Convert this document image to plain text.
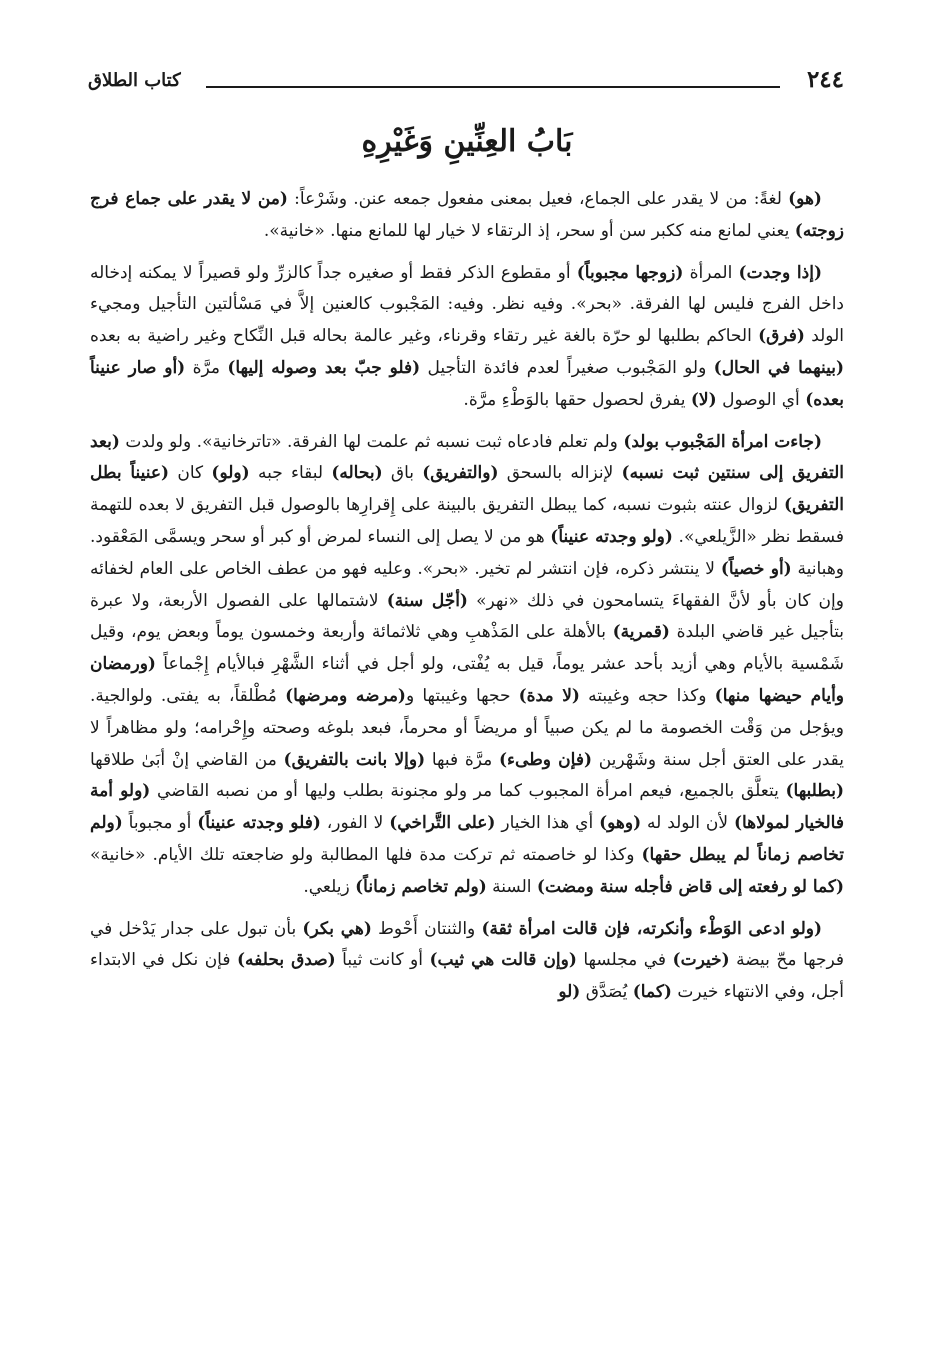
٢٤٤
كتاب الطلاق
بَابُ العِنِّينِ وَغَيْرِهِ

(هو) لغةً: من لا يقدر على الجماع، فعيل بمعنى مفعول جمعه عنن. وشَرْعاً: (من لا يقدر على جماع فرج زوجته) يعني لمانع منه ككبر سن أو سحر، إذ الرتقاء لا خيار لها للمانع منها. «خانية».

(إذا وجدت) المرأة (زوجها مجبوباً) أو مقطوع الذكر فقط أو صغيره جداً كالزرِّ ولو قصيراً لا يمكنه إدخاله داخل الفرج فليس لها الفرقة. «بحر». وفيه نظر. وفيه: المَجْبوب كالعنين إلاَّ في مَسْألتين التأجيل ومجيء الولد (فرق) الحاكم بطلبها لو حرّة بالغة غير رتقاء وقرناء، وغير عالمة بحاله قبل النِّكاح وغير راضية به بعده (بينهما في الحال) ولو المَجْبوب صغيراً لعدم فائدة التأجيل (فلو جبّ بعد وصوله إليها) مرَّة (أو صار عنيناً بعده) أي الوصول (لا) يفرق لحصول حقها بالوَطْءِ مرَّة.

(جاءت امرأة المَجْبوب بولد) ولم تعلم فادعاه ثبت نسبه ثم علمت لها الفرقة. «تاترخانية». ولو ولدت (بعد التفريق إلى سنتين ثبت نسبه) لإنزاله بالسحق (والتفريق) باق (بحاله) لبقاء جبه (ولو) كان (عنيناً بطل التفريق) لزوال عنته بثبوت نسبه، كما يبطل التفريق بالبينة على إِقرارِها بالوصول قبل التفريق لا بعده للتهمة فسقط نظر «الزَّيلعي». (ولو وجدته عنيناً) هو من لا يصل إلى النساء لمرض أو كبر أو سحر ويسمَّى المَعْقود. وهبانية (أو خصياً) لا ينتشر ذكره، فإن انتشر لم تخير. «بحر». وعليه فهو من عطف الخاص على العام لخفائه وإن كان بأو لأنَّ الفقهاءَ يتسامحون في ذلك «نهر» (أجّل سنة) لاشتمالها على الفصول الأربعة، ولا عبرة بتأجيل غير قاضي البلدة (قمرية) بالأهلة على المَذْهبِ وهي ثلاثمائة وأربعة وخمسون يوماً وبعض يوم، وقيل شَمْسية بالأيام وهي أزيد بأحد عشر يوماً، قيل به يُفْتى، ولو أجل في أثناء الشَّهْرِ فبالأيام إِجْماعاً (ورمضان وأيام حيضها منها) وكذا حجه وغيبته (لا مدة) حجها وغيبتها و(مرضه ومرضها) مُطْلقاً، به يفتى. ولوالجية. ويؤجل من وَقْت الخصومة ما لم يكن صبياً أو مريضاً أو محرماً، فبعد بلوغه وصحته وإِحْرامه؛ ولو مظاهراً لا يقدر على العتق أجل سنة وشَهْرين (فإن وطىء) مرَّة فبها (وإلا بانت بالتفريق) من القاضي إنْ أبَىٰ طلاقها (بطلبها) يتعلَّق بالجميع، فيعم امرأة المجبوب كما مر ولو مجنونة بطلب وليها أو من نصبه القاضي (ولو أمة فالخيار لمولاها) لأن الولد له (وهو) أي هذا الخيار (على التَّراخي) لا الفور، (فلو وجدته عنيناً) أو مجبوباً (ولم تخاصم زماناً لم يبطل حقها) وكذا لو خاصمته ثم تركت مدة فلها المطالبة ولو ضاجعته تلك الأيام. «خانية» (كما لو رفعته إلى قاض فأجله سنة ومضت) السنة (ولم تخاصم زماناً) زيلعي.

(ولو ادعى الوَطْء وأنكرته، فإن قالت امرأة ثقة) والثنتان أَحْوط (هي بكر) بأن تبول على جدار يَدْخل في فرجها محّ بيضة (خيرت) في مجلسها (وإن قالت هي ثيب) أو كانت ثيباً (صدق بحلفه) فإن نكل في الابتداء أجل، وفي الانتهاء خيرت (كما) يُصَدَّق (لو
